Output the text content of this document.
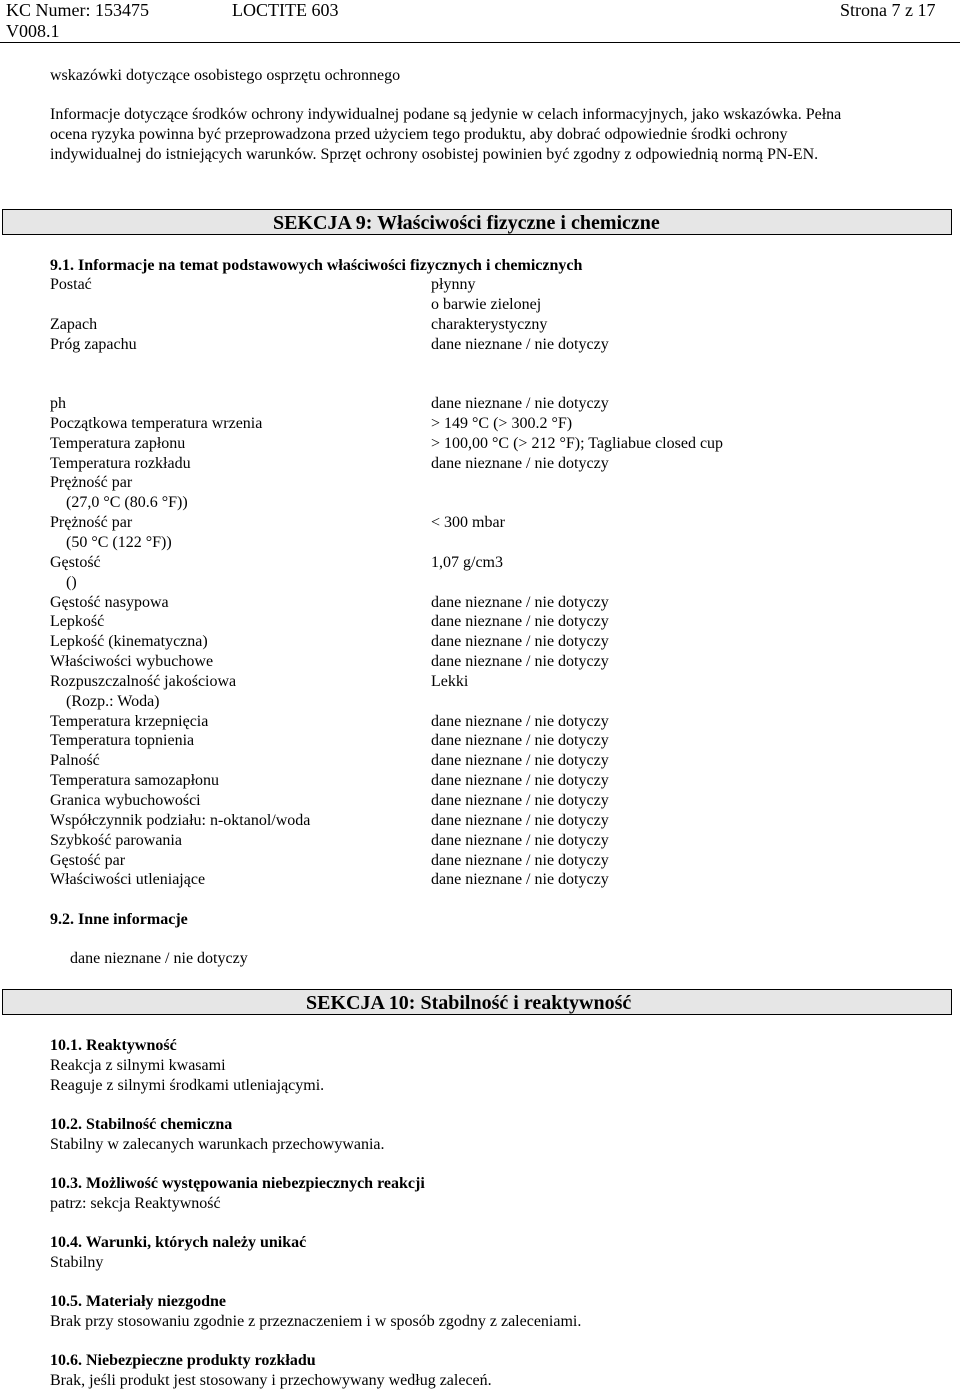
KC Numer: 153475	LOCTITE 603	Strona 7 z 17
V008.1
wskazówki dotyczące osobistego osprzętu ochronnego
Informacje dotyczące środków ochrony indywidualnej podane są jedynie w celach informacyjnych, jako wskazówka. Pełna
ocena ryzyka powinna być przeprowadzona przed użyciem tego produktu, aby dobrać odpowiednie środki ochrony
indywidualnej do istniejących warunków. Sprzęt ochrony osobistej powinien być zgodny z odpowiednią normą PN-EN.
SEKCJA 9: Właściwości fizyczne i chemiczne
9.1. Informacje na temat podstawowych właściwości fizycznych i chemicznych
Postać	płynny
o barwie zielonej
Zapach	charakterystyczny
Próg zapachu	dane nieznane / nie dotyczy
ph	dane nieznane / nie dotyczy
Początkowa temperatura wrzenia	> 149 °C (> 300.2 °F)
Temperatura zapłonu	> 100,00 °C (> 212 °F); Tagliabue closed cup
Temperatura rozkładu	dane nieznane / nie dotyczy
Prężność par
(27,0 °C (80.6 °F))
Prężność par	< 300 mbar
(50 °C (122 °F))
Gęstość	1,07 g/cm3
()
Gęstość nasypowa	dane nieznane / nie dotyczy
Lepkość	dane nieznane / nie dotyczy
Lepkość (kinematyczna)	dane nieznane / nie dotyczy
Właściwości wybuchowe	dane nieznane / nie dotyczy
Rozpuszczalność jakościowa	Lekki
(Rozp.: Woda)
Temperatura krzepnięcia	dane nieznane / nie dotyczy
Temperatura topnienia	dane nieznane / nie dotyczy
Palność	dane nieznane / nie dotyczy
Temperatura samozapłonu	dane nieznane / nie dotyczy
Granica wybuchowości	dane nieznane / nie dotyczy
Współczynnik podziału: n-oktanol/woda	dane nieznane / nie dotyczy
Szybkość parowania	dane nieznane / nie dotyczy
Gęstość par	dane nieznane / nie dotyczy
Właściwości utleniające	dane nieznane / nie dotyczy
9.2. Inne informacje
dane nieznane / nie dotyczy
SEKCJA 10: Stabilność i reaktywność
10.1. Reaktywność
Reakcja z silnymi kwasami
Reaguje z silnymi środkami utleniającymi.
10.2. Stabilność chemiczna
Stabilny w zalecanych warunkach przechowywania.
10.3. Możliwość występowania niebezpiecznych reakcji
patrz: sekcja Reaktywność
10.4. Warunki, których należy unikać
Stabilny
10.5. Materiały niezgodne
Brak przy stosowaniu zgodnie z przeznaczeniem i w sposób zgodny z zaleceniami.
10.6. Niebezpieczne produkty rozkładu
Brak, jeśli produkt jest stosowany i przechowywany według zaleceń.
